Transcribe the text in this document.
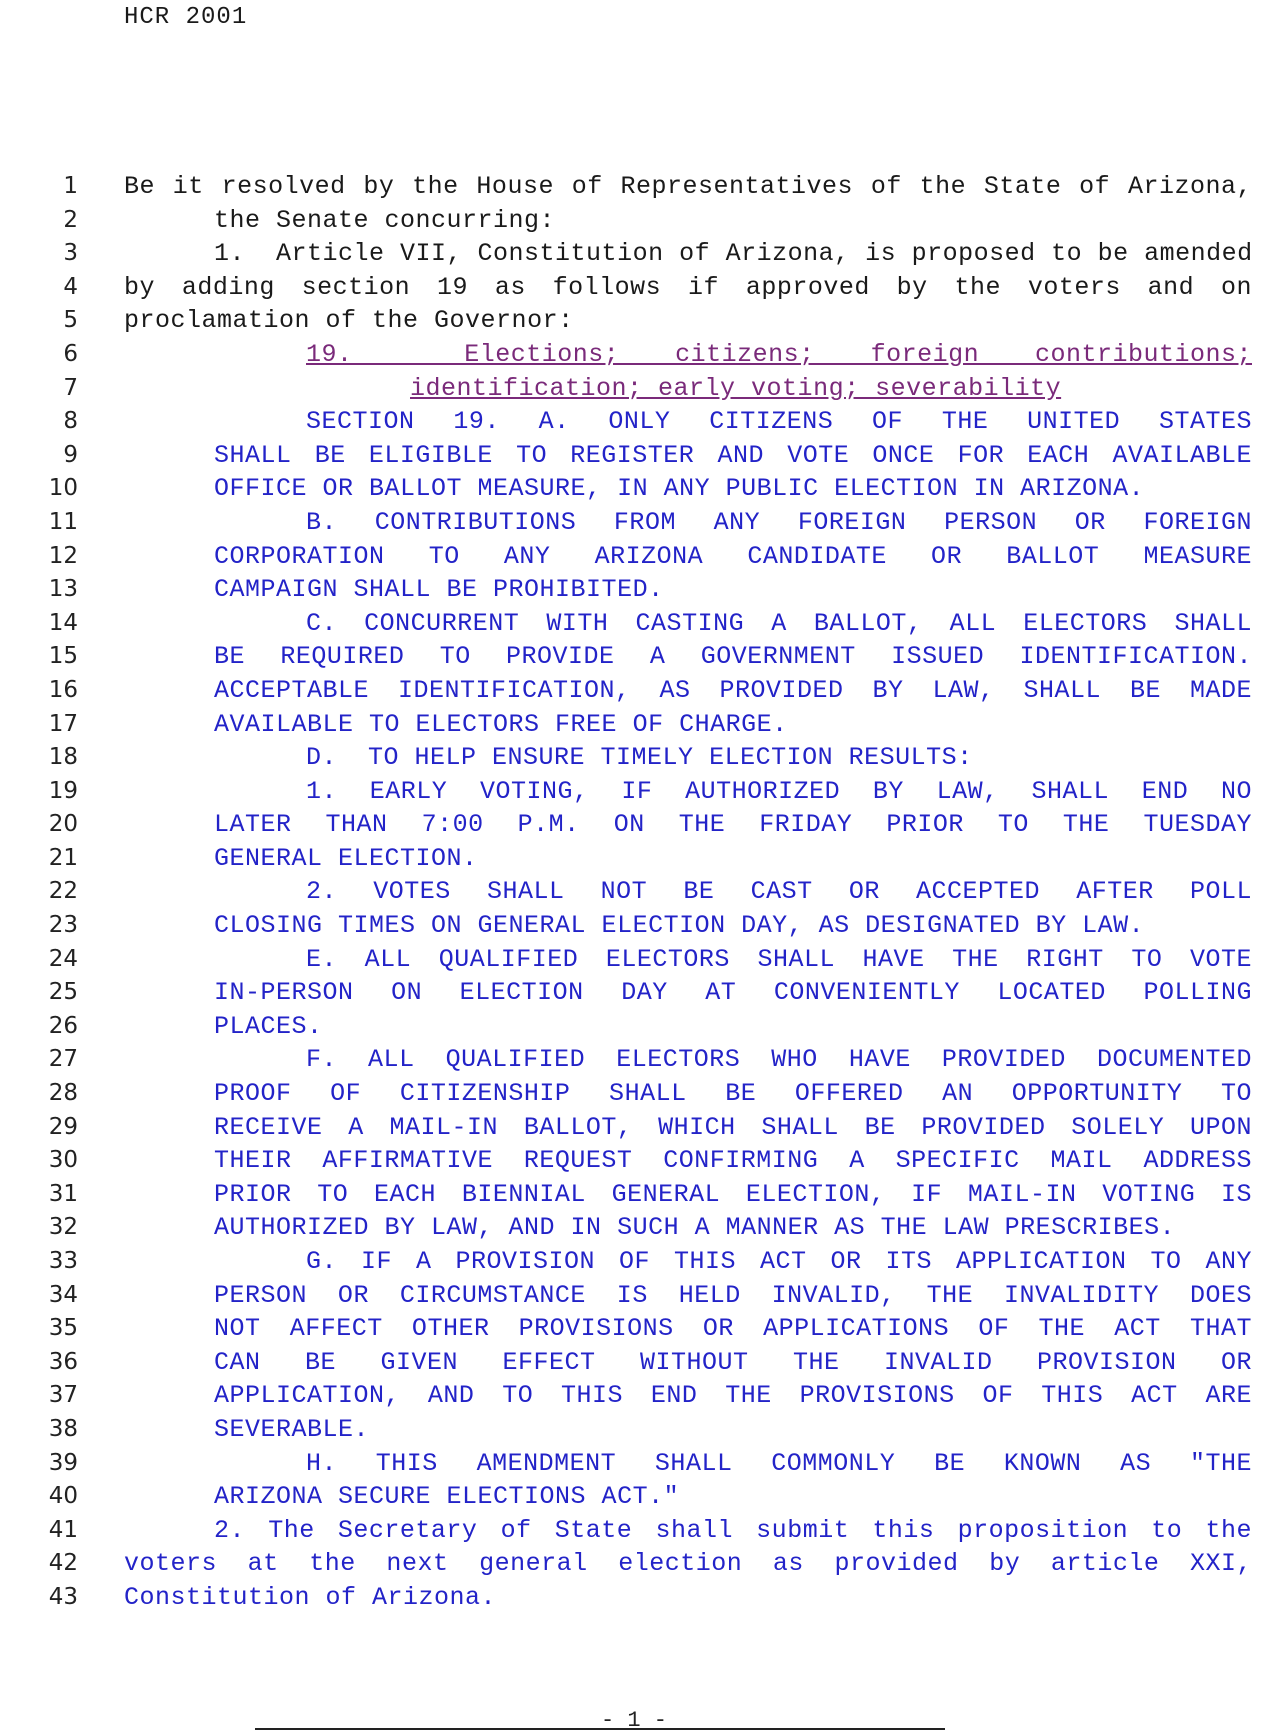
HCR 2001
1 Be it resolved by the House of Representatives of the State of Arizona,
2	the Senate concurring:
3	1.  Article VII, Constitution of Arizona, is proposed to be amended
4 by adding section 19 as follows if approved by the voters and on
5 proclamation of the Governor:
6	19.  Elections; citizens; foreign contributions;
7	identification; early voting; severability
8	SECTION 19. A. ONLY CITIZENS OF THE UNITED STATES
9	SHALL BE ELIGIBLE TO REGISTER AND VOTE ONCE FOR EACH AVAILABLE
10	OFFICE OR BALLOT MEASURE, IN ANY PUBLIC ELECTION IN ARIZONA.
11	B. CONTRIBUTIONS FROM ANY FOREIGN PERSON OR FOREIGN
12	CORPORATION TO ANY ARIZONA CANDIDATE OR BALLOT MEASURE
13	CAMPAIGN SHALL BE PROHIBITED.
14	C. CONCURRENT WITH CASTING A BALLOT, ALL ELECTORS SHALL
15	BE REQUIRED TO PROVIDE A GOVERNMENT ISSUED IDENTIFICATION.
16	ACCEPTABLE IDENTIFICATION, AS PROVIDED BY LAW, SHALL BE MADE
17	AVAILABLE TO ELECTORS FREE OF CHARGE.
18	D.  TO HELP ENSURE TIMELY ELECTION RESULTS:
19	1. EARLY VOTING, IF AUTHORIZED BY LAW, SHALL END NO
20	LATER THAN 7:00 P.M. ON THE FRIDAY PRIOR TO THE TUESDAY
21	GENERAL ELECTION.
22	2. VOTES SHALL NOT BE CAST OR ACCEPTED AFTER POLL
23	CLOSING TIMES ON GENERAL ELECTION DAY, AS DESIGNATED BY LAW.
24	E. ALL QUALIFIED ELECTORS SHALL HAVE THE RIGHT TO VOTE
25	IN-PERSON ON ELECTION DAY AT CONVENIENTLY LOCATED POLLING
26	PLACES.
27	F. ALL QUALIFIED ELECTORS WHO HAVE PROVIDED DOCUMENTED
28	PROOF OF CITIZENSHIP SHALL BE OFFERED AN OPPORTUNITY TO
29	RECEIVE A MAIL-IN BALLOT, WHICH SHALL BE PROVIDED SOLELY UPON
30	THEIR AFFIRMATIVE REQUEST CONFIRMING A SPECIFIC MAIL ADDRESS
31	PRIOR TO EACH BIENNIAL GENERAL ELECTION, IF MAIL-IN VOTING IS
32	AUTHORIZED BY LAW, AND IN SUCH A MANNER AS THE LAW PRESCRIBES.
33	G. IF A PROVISION OF THIS ACT OR ITS APPLICATION TO ANY
34	PERSON OR CIRCUMSTANCE IS HELD INVALID, THE INVALIDITY DOES
35	NOT AFFECT OTHER PROVISIONS OR APPLICATIONS OF THE ACT THAT
36	CAN BE GIVEN EFFECT WITHOUT THE INVALID PROVISION OR
37	APPLICATION, AND TO THIS END THE PROVISIONS OF THIS ACT ARE
38	SEVERABLE.
39	H. THIS AMENDMENT SHALL COMMONLY BE KNOWN AS "THE
40	ARIZONA SECURE ELECTIONS ACT."
41	2. The Secretary of State shall submit this proposition to the
42 voters at the next general election as provided by article XXI,
43 Constitution of Arizona.
- 1 -
